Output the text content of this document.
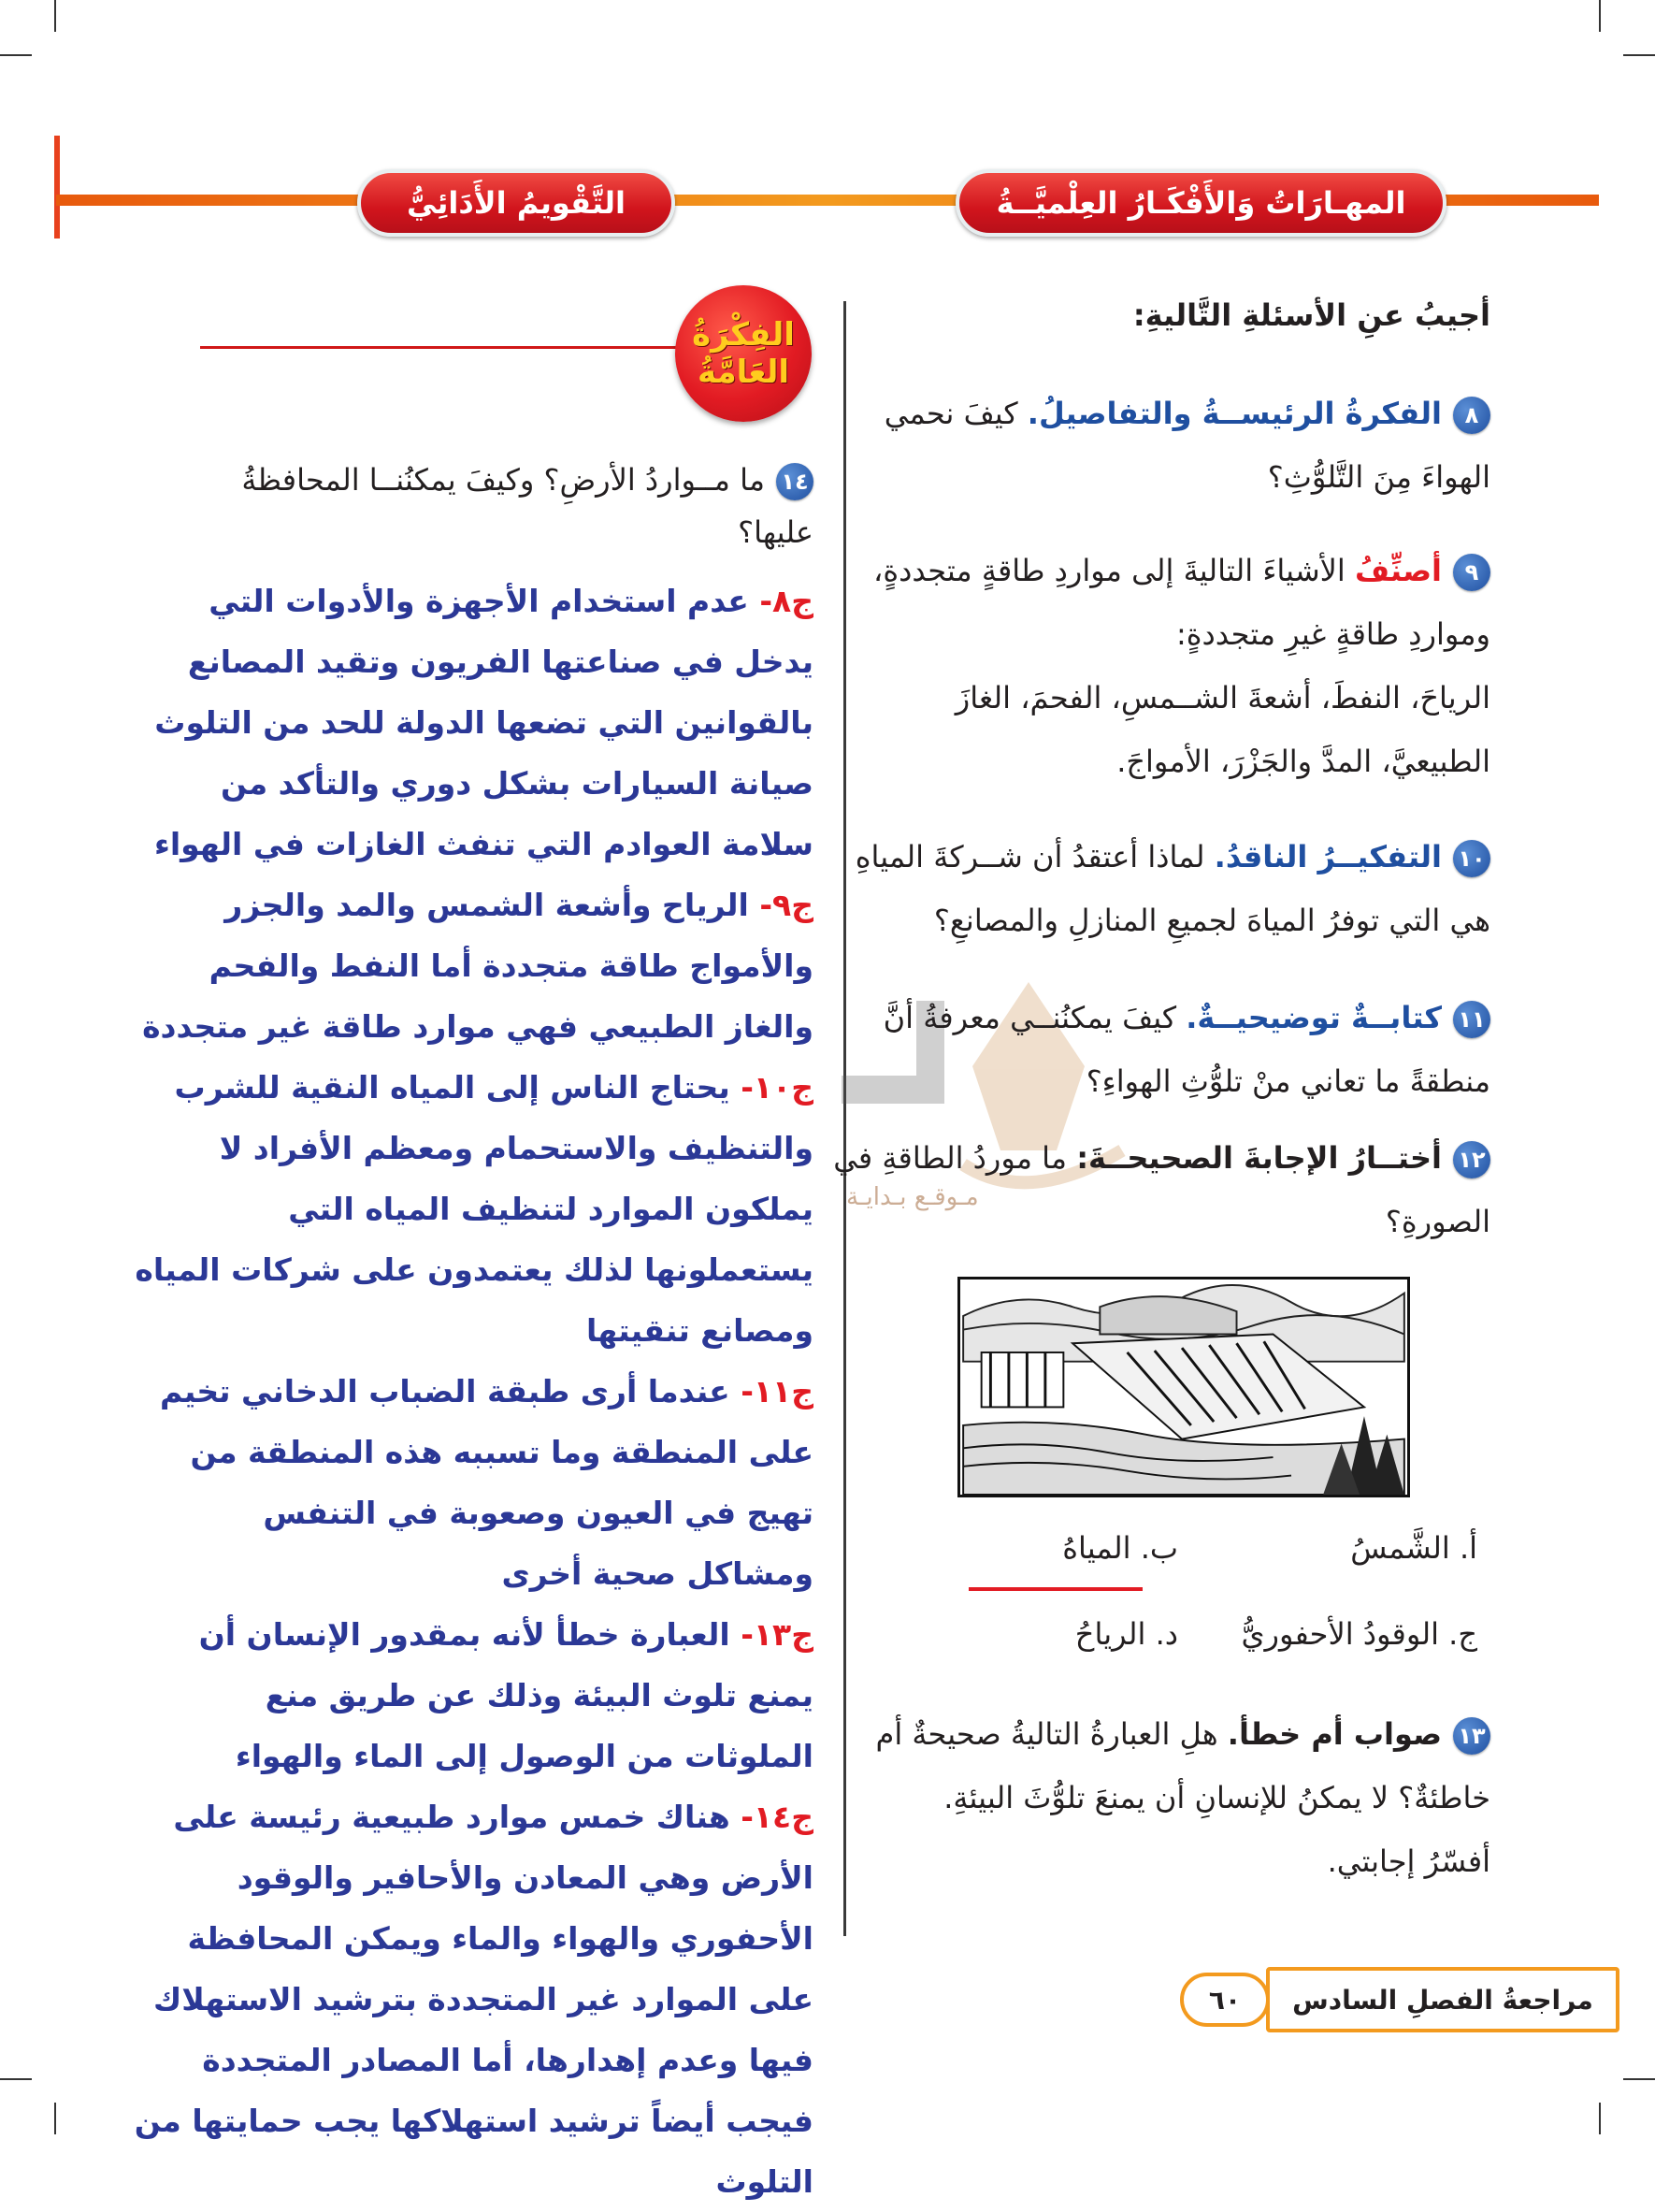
المهـارَاتُ وَالأَفْكَـارُ العِلْميَّــةُ
التَّقْويمُ الأَدَائِيُّ
الفِكْرَةُ
العَامَّةُ
مـوقـع بـدايـة
أجيبُ عنِ الأسئلةِ التَّاليةِ:
٨الفكرةُ الرئيســةُ والتفاصيلُ. كيفَ نحمي
الهواءَ مِنَ التَّلوُّثِ؟
٩أصنِّفُ الأشياءَ التاليةَ إلى مواردِ طاقةٍ متجددةٍ،
ومواردِ طاقةٍ غيرِ متجددةٍ:
الرياحَ، النفطَ، أشعةَ الشــمسِ، الفحمَ، الغازَ
الطبيعيَّ، المدَّ والجَزْرَ، الأمواجَ.
١٠التفكيــرُ الناقدُ. لماذا أعتقدُ أن شــركةَ المياهِ
هي التي توفرُ المياهَ لجميعِ المنازلِ والمصانعِ؟
١١كتابــةٌ توضيحيــةٌ. كيفَ يمكنُنــي معرفةُ أنَّ
منطقةً ما تعاني منْ تلوُّثِ الهواءِ؟
١٢أختــارُ الإجابةَ الصحيحــةَ: ما موردُ الطاقةِ في
الصورةِ؟
أ. الشَّمسُ
ب. المياهُ
ج. الوقودُ الأحفوريُّ
د. الرياحُ
١٣صواب أم خطأ. هلِ العبارةُ التاليةُ صحيحةٌ أم
خاطئةٌ؟ لا يمكنُ للإنسانِ أن يمنعَ تلوُّثَ البيئةِ.
أفسّرُ إجابتي.
١٤ما مــواردُ الأرضِ؟ وكيفَ يمكنُنــا المحافظةُ
عليها؟

ج٨- عدم استخدام الأجهزة والأدوات التي يدخل في صناعتها الفريون وتقيد المصانع بالقوانين التي تضعها الدولة للحد من التلوث صيانة السيارات بشكل دوري والتأكد من سلامة العوادم التي تنفث الغازات في الهواء

ج٩- الرياح وأشعة الشمس والمد والجزر والأمواج طاقة متجددة أما النفط والفحم والغاز الطبيعي فهي موارد طاقة غير متجددة

ج١٠- يحتاج الناس إلى المياه النقية للشرب والتنظيف والاستحمام ومعظم الأفراد لا يملكون الموارد لتنظيف المياه التي يستعملونها لذلك يعتمدون على شركات المياه ومصانع تنقيتها

ج١١- عندما أرى طبقة الضباب الدخاني تخيم على المنطقة وما تسببه هذه المنطقة من تهيج في العيون وصعوبة في التنفس ومشاكل صحية أخرى

ج١٣- العبارة خطأ لأنه بمقدور الإنسان أن يمنع تلوث البيئة وذلك عن طريق منع الملوثات من الوصول إلى الماء والهواء

ج١٤- هناك خمس موارد طبيعية رئيسة على الأرض وهي المعادن والأحافير والوقود الأحفوري والهواء والماء ويمكن المحافظة على الموارد غير المتجددة بترشيد الاستهلاك فيها وعدم إهدارها، أما المصادر المتجددة فيجب أيضاً ترشيد استهلاكها يجب حمايتها من التلوث

مراجعةُ الفصلِ السادس
٦٠
